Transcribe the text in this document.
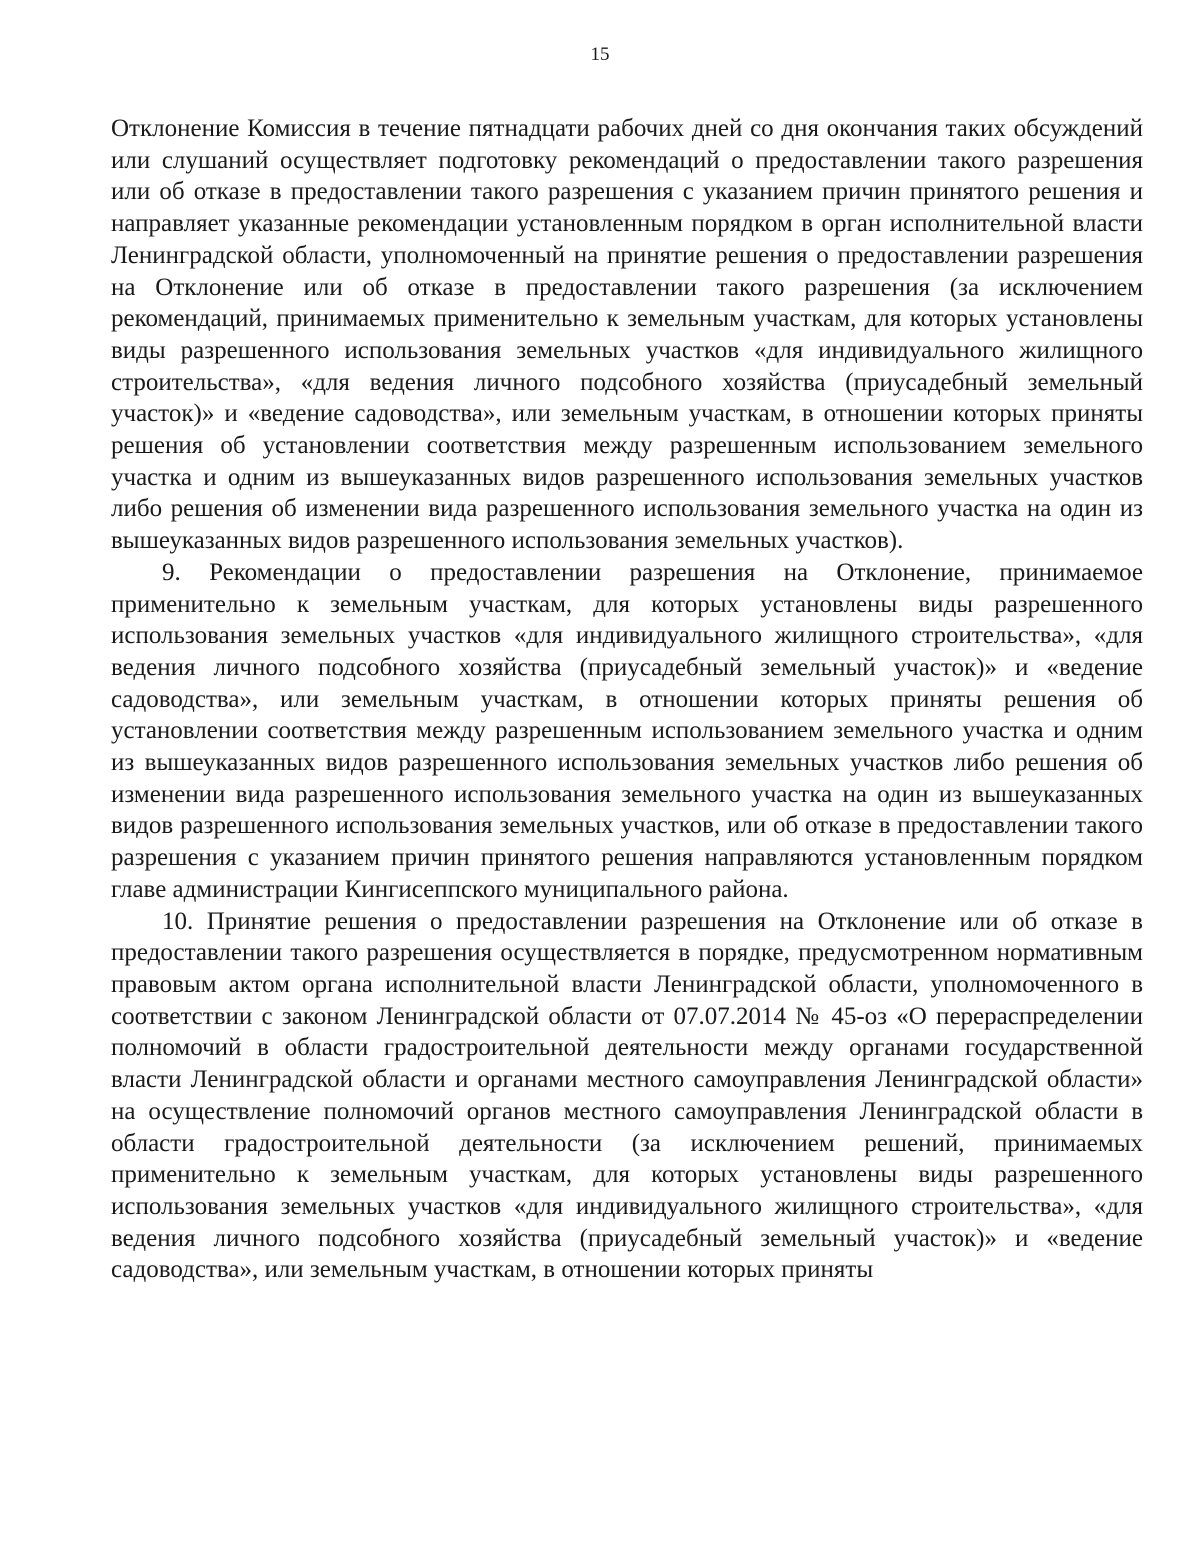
15

Отклонение Комиссия в течение пятнадцати рабочих дней со дня окончания таких обсуждений или слушаний осуществляет подготовку рекомендаций о предоставлении такого разрешения или об отказе в предоставлении такого разрешения с указанием причин принятого решения и направляет указанные рекомендации установленным порядком в орган исполнительной власти Ленинградской области, уполномоченный на принятие решения о предоставлении разрешения на Отклонение или об отказе в предоставлении такого разрешения (за исключением рекомендаций, принимаемых применительно к земельным участкам, для которых установлены виды разрешенного использования земельных участков «для индивидуального жилищного строительства», «для ведения личного подсобного хозяйства (приусадебный земельный участок)» и «ведение садоводства», или земельным участкам, в отношении которых приняты решения об установлении соответствия между разрешенным использованием земельного участка и одним из вышеуказанных видов разрешенного использования земельных участков либо решения об изменении вида разрешенного использования земельного участка на один из вышеуказанных видов разрешенного использования земельных участков).

9. Рекомендации о предоставлении разрешения на Отклонение, принимаемое применительно к земельным участкам, для которых установлены виды разрешенного использования земельных участков «для индивидуального жилищного строительства», «для ведения личного подсобного хозяйства (приусадебный земельный участок)» и «ведение садоводства», или земельным участкам, в отношении которых приняты решения об установлении соответствия между разрешенным использованием земельного участка и одним из вышеуказанных видов разрешенного использования земельных участков либо решения об изменении вида разрешенного использования земельного участка на один из вышеуказанных видов разрешенного использования земельных участков, или об отказе в предоставлении такого разрешения с указанием причин принятого решения направляются установленным порядком главе администрации Кингисеппского муниципального района.

10. Принятие решения о предоставлении разрешения на Отклонение или об отказе в предоставлении такого разрешения осуществляется в порядке, предусмотренном нормативным правовым актом органа исполнительной власти Ленинградской области, уполномоченного в соответствии с законом Ленинградской области от 07.07.2014 № 45-оз «О перераспределении полномочий в области градостроительной деятельности между органами государственной власти Ленинградской области и органами местного самоуправления Ленинградской области» на осуществление полномочий органов местного самоуправления Ленинградской области в области градостроительной деятельности (за исключением решений, принимаемых применительно к земельным участкам, для которых установлены виды разрешенного использования земельных участков «для индивидуального жилищного строительства», «для ведения личного подсобного хозяйства (приусадебный земельный участок)» и «ведение садоводства», или земельным участкам, в отношении которых приняты
